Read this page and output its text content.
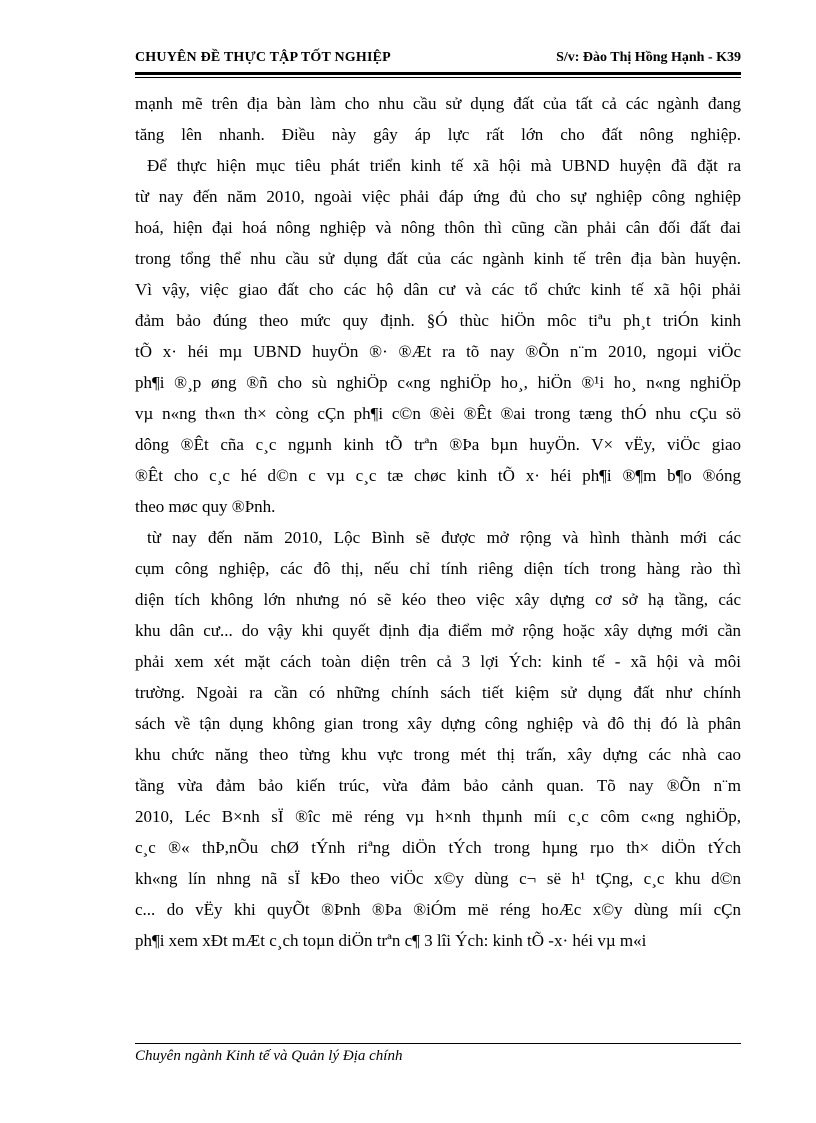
CHUYÊN ĐỀ THỰC TẬP TỐT NGHIỆP	S/v: Đào Thị Hồng Hạnh - K39
mạnh mẽ trên địa bàn làm cho nhu cầu sử dụng đất của tất cả các ngành đang
tăng lên nhanh. Điều này gây áp lực rất lớn cho đất nông nghiệp.
Để thực hiện mục tiêu phát triển kinh tế xã hội mà UBND huyện đã đặt ra
từ nay đến năm 2010, ngoài việc phải đáp ứng đủ cho sự nghiệp công nghiệp
hoá, hiện đại hoá nông nghiệp và nông thôn thì cũng cần phải cân đối đất đai
trong tổng thể nhu cầu sử dụng đất của các ngành kinh tế trên địa bàn huyện.
Vì vậy, việc giao đất cho các hộ dân cư và các tổ chức kinh tế xã hội phải
đảm bảo đúng theo mức quy định. §Ó thùc hiÖn môc tiªu ph¸t triÓn kinh
tÕ x· héi mµ UBND huyÖn ®· ®Æt ra tõ nay ®Õn n¨m 2010, ngoµi viÖc
ph¶i ®¸p øng ®ñ cho sù nghiÖp c«ng nghiÖp ho¸, hiÖn ®¹i ho¸ n«ng nghiÖp
vµ n«ng th«n th× còng cÇn ph¶i c©n ®èi ®Êt ®ai trong tæng thÓ nhu cÇu sö
dông ®Êt cña c¸c ngµnh kinh tÕ trªn ®Þa bµn huyÖn. V× vËy, viÖc giao
®Êt cho c¸c hé d©n c vµ c¸c tæ chøc kinh tÕ x· héi ph¶i ®¶m b¶o ®óng
theo møc quy ®Þnh.
từ nay đến năm 2010, Lộc Bình sẽ được mở rộng và hình thành mới các
cụm công nghiệp, các đô thị, nếu chỉ tính riêng diện tích trong hàng rào thì
diện tích không lớn nhưng nó sẽ kéo theo việc xây dựng cơ sở hạ tầng, các
khu dân cư... do vậy khi quyết định địa điểm mở rộng hoặc xây dựng mới cần
phải xem xét mặt cách toàn diện trên cả 3 lợi Ých: kinh tế - xã hội và môi
trường. Ngoài ra cần có những chính sách tiết kiệm sử dụng đất như chính
sách về tận dụng không gian trong xây dựng công nghiệp và đô thị đó là phân
khu chức năng theo từng khu vực trong mét thị trấn, xây dựng các nhà cao
tầng vừa đảm bảo kiến trúc, vừa đảm bảo cảnh quan. Tõ nay ®Õn n¨m
2010, Léc B×nh sÏ ®îc më réng vµ h×nh thµnh míi c¸c côm c«ng nghiÖp,
c¸c ®« thÞ,nÕu chØ tÝnh riªng diÖn tÝch trong hµng rµo th× diÖn tÝch
kh«ng lín nhng nã sÏ kÐo theo viÖc x©y dùng c¬ së h¹ tÇng, c¸c khu d©n
c... do vËy khi quyÕt ®Þnh ®Þa ®iÓm më réng hoÆc x©y dùng míi cÇn
ph¶i xem xÐt mÆt c¸ch toµn diÖn trªn c¶ 3 lîi Ých: kinh tÕ -x· héi vµ m«i
Chuyên ngành Kinh tế và Quản lý Địa chính
